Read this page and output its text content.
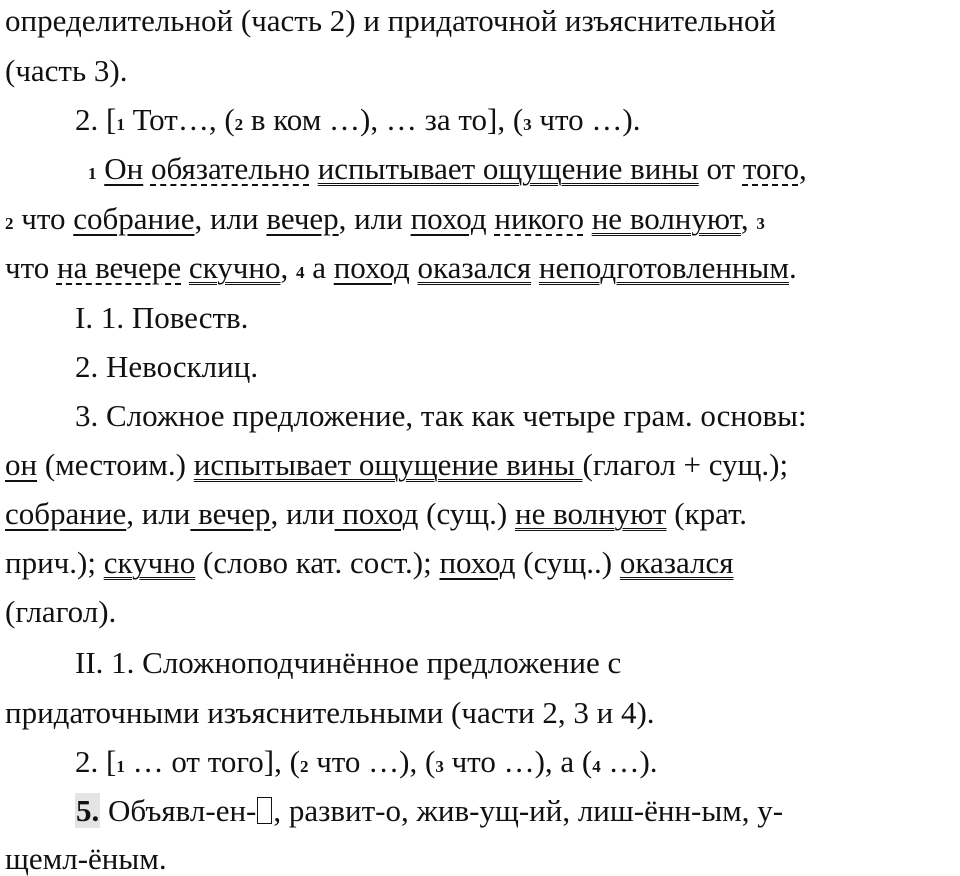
определительной (часть 2) и придаточной изъяснительной
(часть 3).
2. [1 Тот…, (2 в ком …), … за то], (3 что …).
1 Он обязательно испытывает ощущение вины от того,
2 что собрание, или вечер, или поход никого не волнуют, 3
что на вечере скучно, 4 а поход оказался неподготовленным.
I. 1. Повеств.
2. Невосклиц.
3. Сложное предложение, так как четыре грам. основы:
он (местоим.) испытывает ощущение вины (глагол + сущ.);
собрание, или вечер, или поход (сущ.) не волнуют (крат.
прич.); скучно (слово кат. сост.); поход (сущ..) оказался
(глагол).
II. 1. Сложноподчинённое предложение с
придаточными изъяснительными (части 2, 3 и 4).
2. [1 … от того], (2 что …), (3 что …), а (4 …).
5. Объявл-ен- , развит-о, жив-ущ-ий, лиш-ённ-ым, у-
щемл-ёным.
